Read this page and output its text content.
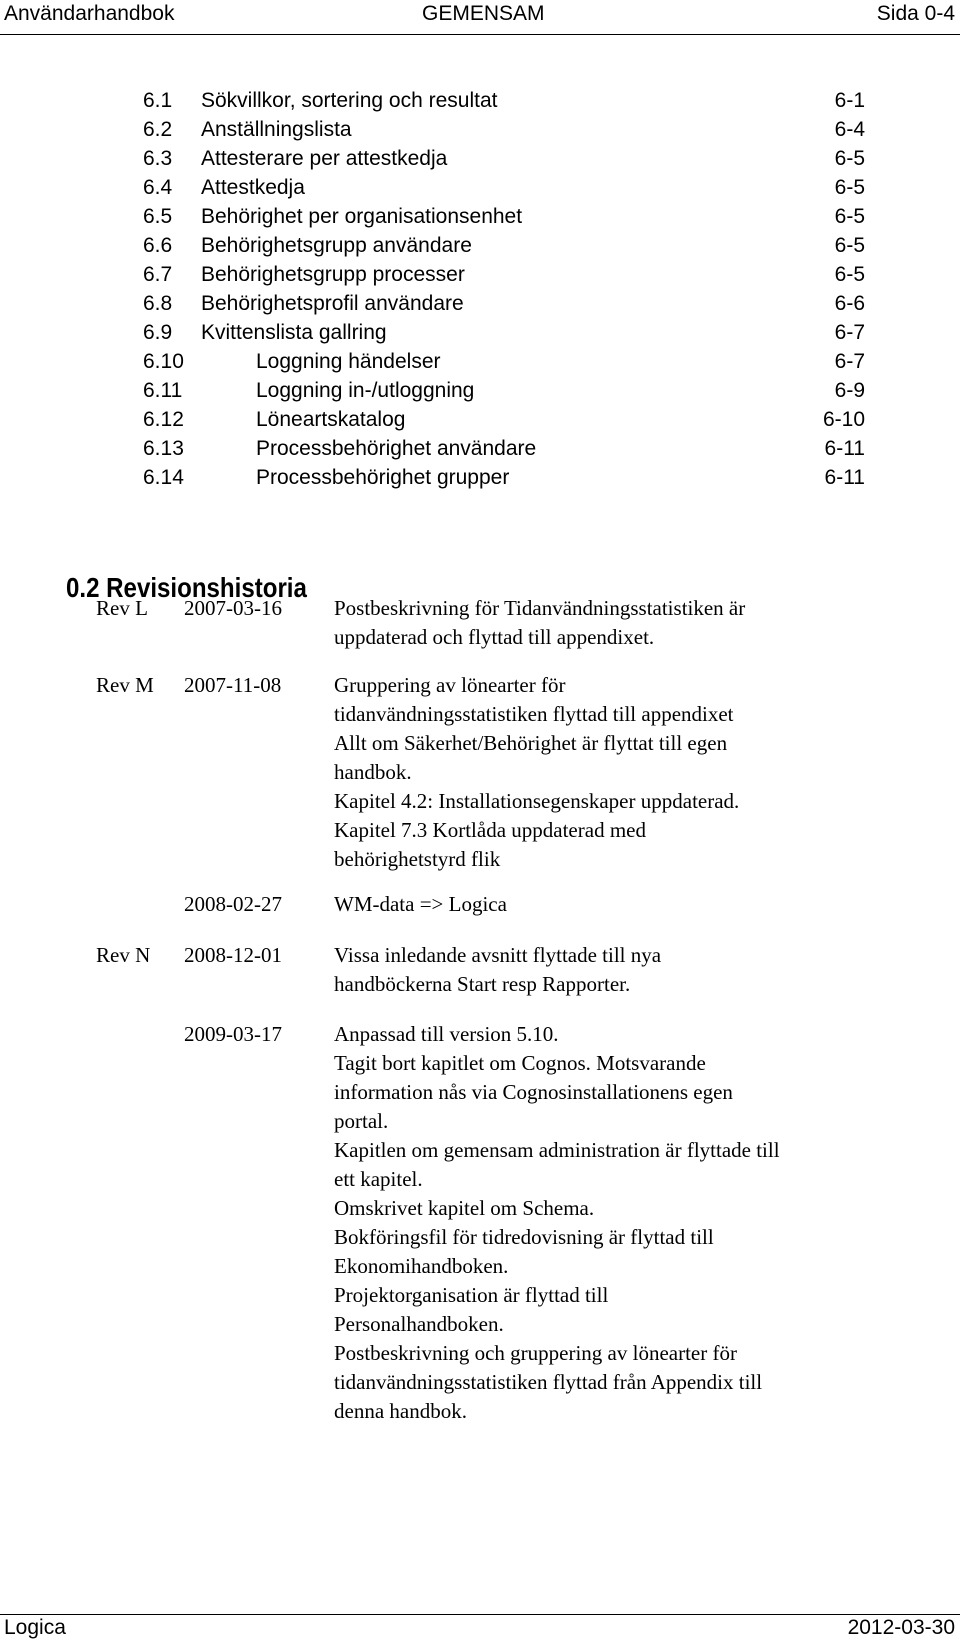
Användarhandbok	GEMENSAM	Sida 0-4
6.1 Sökvillkor, sortering och resultat	6-1
6.2 Anställningslista	6-4
6.3 Attesterare per attestkedja	6-5
6.4 Attestkedja	6-5
6.5 Behörighet per organisationsenhet	6-5
6.6 Behörighetsgrupp användare	6-5
6.7 Behörighetsgrupp processer	6-5
6.8 Behörighetsprofil användare	6-6
6.9 Kvittenslista gallring	6-7
6.10	Loggning händelser	6-7
6.11	Loggning in-/utloggning	6-9
6.12	Löneartskatalog	6-10
6.13	Processbehörighet användare	6-11
6.14	Processbehörighet grupper	6-11
0.2 Revisionshistoria
Rev L 2007-03-16 Postbeskrivning för Tidanvändningsstatistiken är
uppdaterad och flyttad till appendixet.
Rev M 2007-11-08	Gruppering av lönearter för
tidanvändningsstatistiken flyttad till appendixet
Allt om Säkerhet/Behörighet är flyttat till egen
handbok.
Kapitel 4.2: Installationsegenskaper uppdaterad.
Kapitel 7.3 Kortlåda uppdaterad med
behörighetstyrd flik
2008-02-27 WM-data => Logica
Rev N 2008-12-01 Vissa inledande avsnitt flyttade till nya
handböckerna Start resp Rapporter.
2009-03-17 Anpassad till version 5.10.
Tagit bort kapitlet om Cognos. Motsvarande
information nås via Cognosinstallationens egen
portal.
Kapitlen om gemensam administration är flyttade till
ett kapitel.
Omskrivet kapitel om Schema.
Bokföringsfil för tidredovisning är flyttad till
Ekonomihandboken.
Projektorganisation är flyttad till
Personalhandboken.
Postbeskrivning och gruppering av lönearter för
tidanvändningsstatistiken flyttad från Appendix till
denna handbok.
Logica	2012-03-30
